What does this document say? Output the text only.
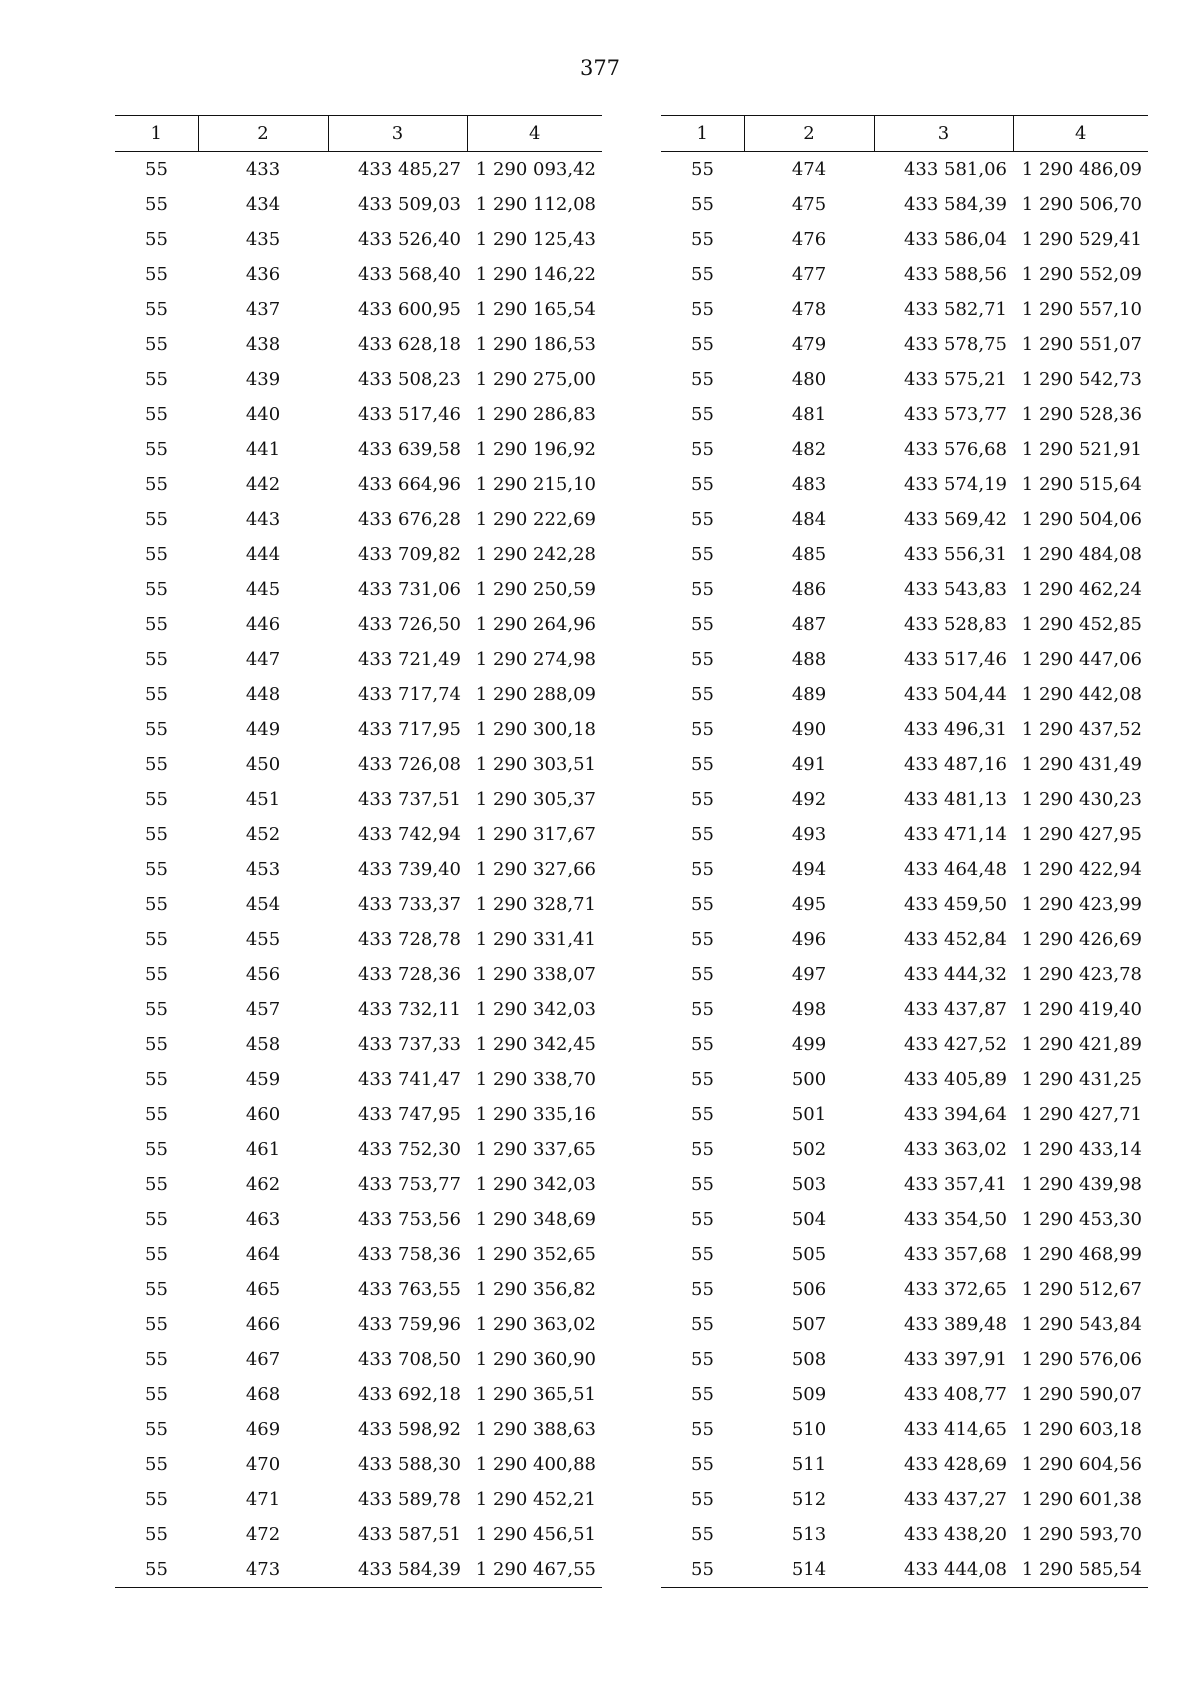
377
1	2	3	4
55	433	433 485,27	1 290 093,42
55	434	433 509,03	1 290 112,08
55	435	433 526,40	1 290 125,43
55	436	433 568,40	1 290 146,22
55	437	433 600,95	1 290 165,54
55	438	433 628,18	1 290 186,53
55	439	433 508,23	1 290 275,00
55	440	433 517,46	1 290 286,83
55	441	433 639,58	1 290 196,92
55	442	433 664,96	1 290 215,10
55	443	433 676,28	1 290 222,69
55	444	433 709,82	1 290 242,28
55	445	433 731,06	1 290 250,59
55	446	433 726,50	1 290 264,96
55	447	433 721,49	1 290 274,98
55	448	433 717,74	1 290 288,09
55	449	433 717,95	1 290 300,18
55	450	433 726,08	1 290 303,51
55	451	433 737,51	1 290 305,37
55	452	433 742,94	1 290 317,67
55	453	433 739,40	1 290 327,66
55	454	433 733,37	1 290 328,71
55	455	433 728,78	1 290 331,41
55	456	433 728,36	1 290 338,07
55	457	433 732,11	1 290 342,03
55	458	433 737,33	1 290 342,45
55	459	433 741,47	1 290 338,70
55	460	433 747,95	1 290 335,16
55	461	433 752,30	1 290 337,65
55	462	433 753,77	1 290 342,03
55	463	433 753,56	1 290 348,69
55	464	433 758,36	1 290 352,65
55	465	433 763,55	1 290 356,82
55	466	433 759,96	1 290 363,02
55	467	433 708,50	1 290 360,90
55	468	433 692,18	1 290 365,51
55	469	433 598,92	1 290 388,63
55	470	433 588,30	1 290 400,88
55	471	433 589,78	1 290 452,21
55	472	433 587,51	1 290 456,51
55	473	433 584,39	1 290 467,55
1	2	3	4
55	474	433 581,06	1 290 486,09
55	475	433 584,39	1 290 506,70
55	476	433 586,04	1 290 529,41
55	477	433 588,56	1 290 552,09
55	478	433 582,71	1 290 557,10
55	479	433 578,75	1 290 551,07
55	480	433 575,21	1 290 542,73
55	481	433 573,77	1 290 528,36
55	482	433 576,68	1 290 521,91
55	483	433 574,19	1 290 515,64
55	484	433 569,42	1 290 504,06
55	485	433 556,31	1 290 484,08
55	486	433 543,83	1 290 462,24
55	487	433 528,83	1 290 452,85
55	488	433 517,46	1 290 447,06
55	489	433 504,44	1 290 442,08
55	490	433 496,31	1 290 437,52
55	491	433 487,16	1 290 431,49
55	492	433 481,13	1 290 430,23
55	493	433 471,14	1 290 427,95
55	494	433 464,48	1 290 422,94
55	495	433 459,50	1 290 423,99
55	496	433 452,84	1 290 426,69
55	497	433 444,32	1 290 423,78
55	498	433 437,87	1 290 419,40
55	499	433 427,52	1 290 421,89
55	500	433 405,89	1 290 431,25
55	501	433 394,64	1 290 427,71
55	502	433 363,02	1 290 433,14
55	503	433 357,41	1 290 439,98
55	504	433 354,50	1 290 453,30
55	505	433 357,68	1 290 468,99
55	506	433 372,65	1 290 512,67
55	507	433 389,48	1 290 543,84
55	508	433 397,91	1 290 576,06
55	509	433 408,77	1 290 590,07
55	510	433 414,65	1 290 603,18
55	511	433 428,69	1 290 604,56
55	512	433 437,27	1 290 601,38
55	513	433 438,20	1 290 593,70
55	514	433 444,08	1 290 585,54
